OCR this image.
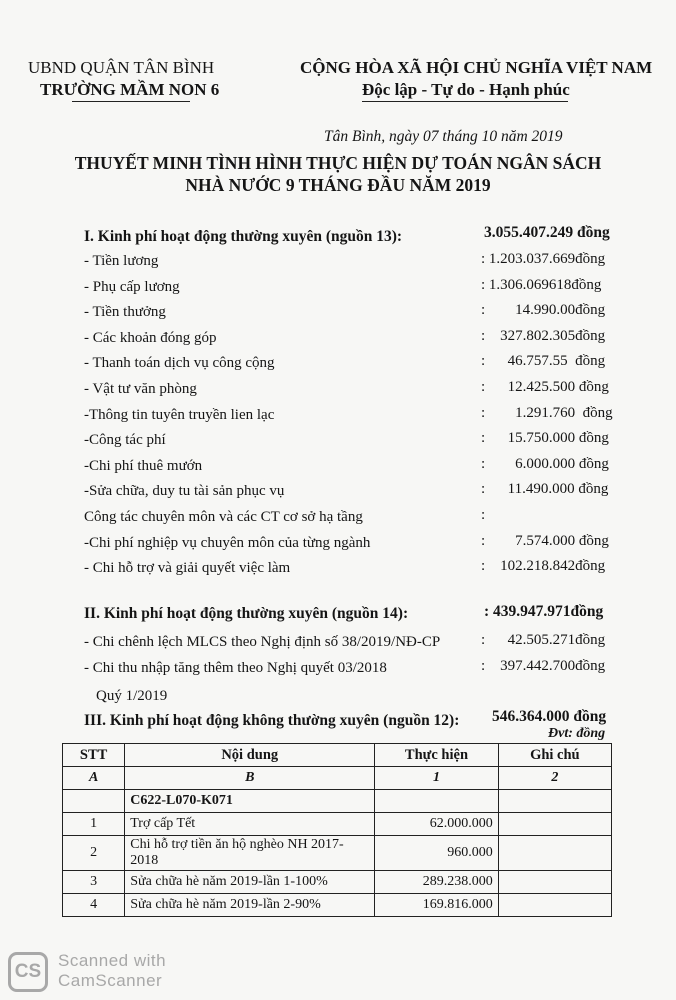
UBND QUẬN TÂN BÌNH
TRƯỜNG MẦM NON 6
CỘNG HÒA XÃ HỘI CHỦ NGHĨA VIỆT NAM
Độc lập - Tự do - Hạnh phúc
Tân Bình, ngày 07 tháng 10 năm 2019
THUYẾT MINH TÌNH HÌNH THỰC HIỆN DỰ TOÁN NGÂN SÁCH
NHÀ NƯỚC 9 THÁNG ĐẦU NĂM 2019
I. Kinh phí hoạt động thường xuyên (nguồn 13):	3.055.407.249 đồng
- Tiền lương	: 1.203.037.669đồng
- Phụ cấp lương	: 1.306.069618đồng
- Tiền thưởng	:        14.990.00đồng
- Các khoản đóng góp	:    327.802.305đồng
- Thanh toán dịch vụ công cộng	:      46.757.55  đồng
- Vật tư văn phòng	:      12.425.500 đồng
-Thông tin tuyên truyền lien lạc	:        1.291.760  đồng
-Công tác phí	:      15.750.000 đồng
-Chi phí thuê mướn	:        6.000.000 đồng
-Sửa chữa, duy tu tài sản phục vụ	:      11.490.000 đồng
Công tác chuyên môn và các CT cơ sở hạ tầng	:
-Chi phí nghiệp vụ chuyên môn của từng ngành	:        7.574.000 đồng
- Chi hỗ trợ và giải quyết việc làm	:    102.218.842đồng
II. Kinh phí hoạt động thường xuyên (nguồn 14):	: 439.947.971đồng
- Chi chênh lệch MLCS theo Nghị định số 38/2019/NĐ-CP	:      42.505.271đồng
- Chi thu nhập tăng thêm theo Nghị quyết 03/2018	:    397.442.700đồng
Quý 1/2019
III. Kinh phí hoạt động không thường xuyên (nguồn 12): 546.364.000 đồng
Đvt: đồng
STT	Nội dung	Thực hiện	Ghi chú
A	B	1	2
	C622-L070-K071		
1	Trợ cấp Tết	62.000.000	
2	Chi hỗ trợ tiền ăn hộ nghèo NH 2017-2018	960.000	
3	Sửa chữa hè năm 2019-lần 1-100%	289.238.000	
4	Sửa chữa hè năm 2019-lần 2-90%	169.816.000	
CS
Scanned with
CamScanner
